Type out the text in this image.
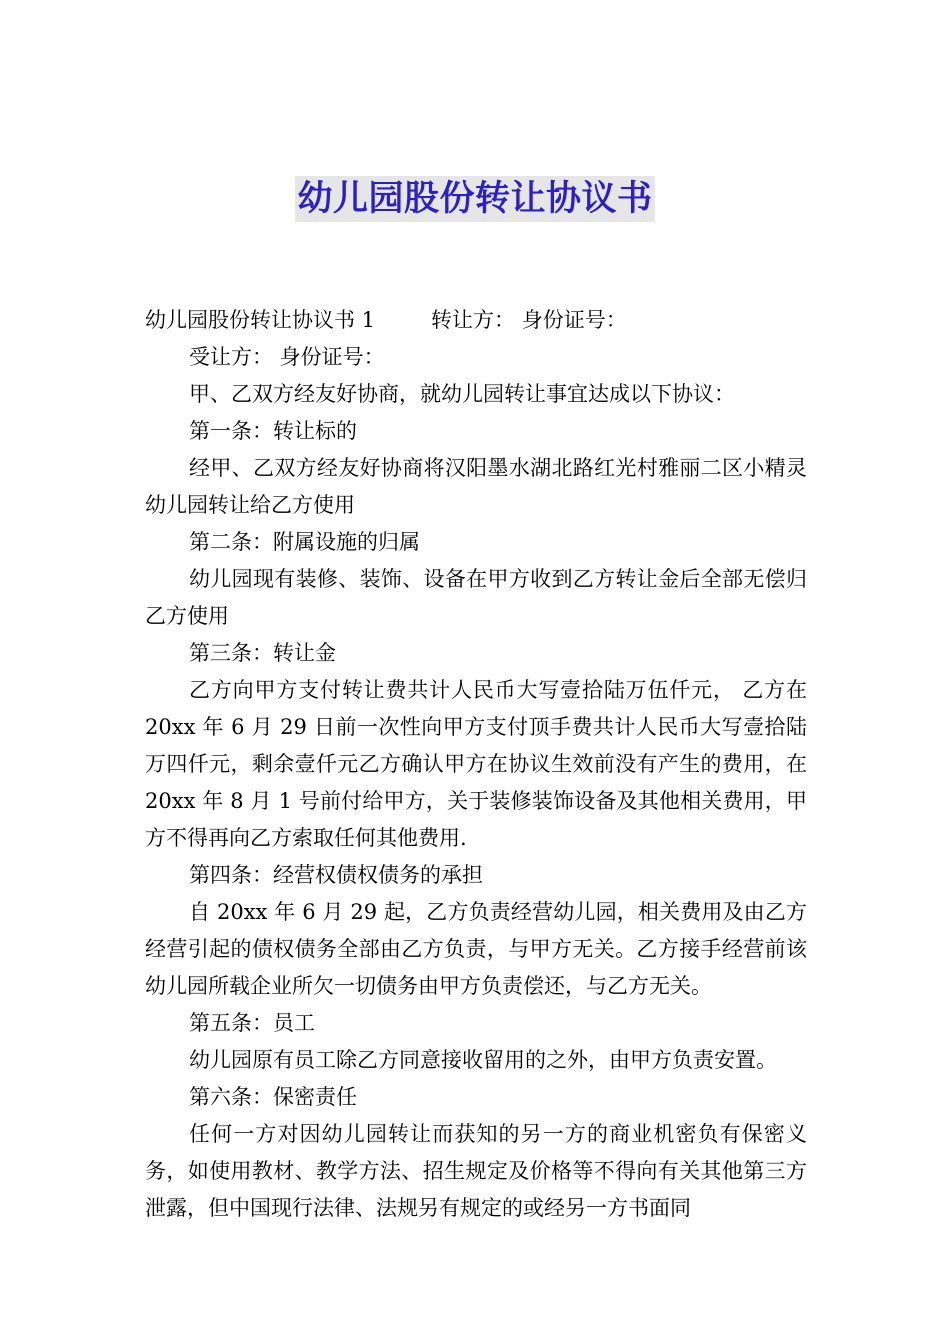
幼儿园股份转让协议书

幼儿园股份转让协议书 1	转让方： 身份证号：

受让方： 身份证号：

甲、乙双方经友好协商，就幼儿园转让事宜达成以下协议：

第一条：转让标的

经甲、乙双方经友好协商将汉阳墨水湖北路红光村雅丽二区小精灵幼儿园转让给乙方使用

第二条：附属设施的归属

幼儿园现有装修、装饰、设备在甲方收到乙方转让金后全部无偿归乙方使用

第三条：转让金

乙方向甲方支付转让费共计人民币大写壹拾陆万伍仟元， 乙方在 20xx 年 6 月 29 日前一次性向甲方支付顶手费共计人民币大写壹拾陆万四仟元，剩余壹仟元乙方确认甲方在协议生效前没有产生的费用，在 20xx 年 8 月 1 号前付给甲方，关于装修装饰设备及其他相关费用，甲方不得再向乙方索取任何其他费用.

第四条：经营权债权债务的承担

自 20xx 年 6 月 29 起，乙方负责经营幼儿园，相关费用及由乙方经营引起的债权债务全部由乙方负责，与甲方无关。乙方接手经营前该幼儿园所载企业所欠一切债务由甲方负责偿还，与乙方无关。

第五条：员工

幼儿园原有员工除乙方同意接收留用的之外，由甲方负责安置。

第六条：保密责任

任何一方对因幼儿园转让而获知的另一方的商业机密负有保密义务，如使用教材、教学方法、招生规定及价格等不得向有关其他第三方泄露，但中国现行法律、法规另有规定的或经另一方书面同
